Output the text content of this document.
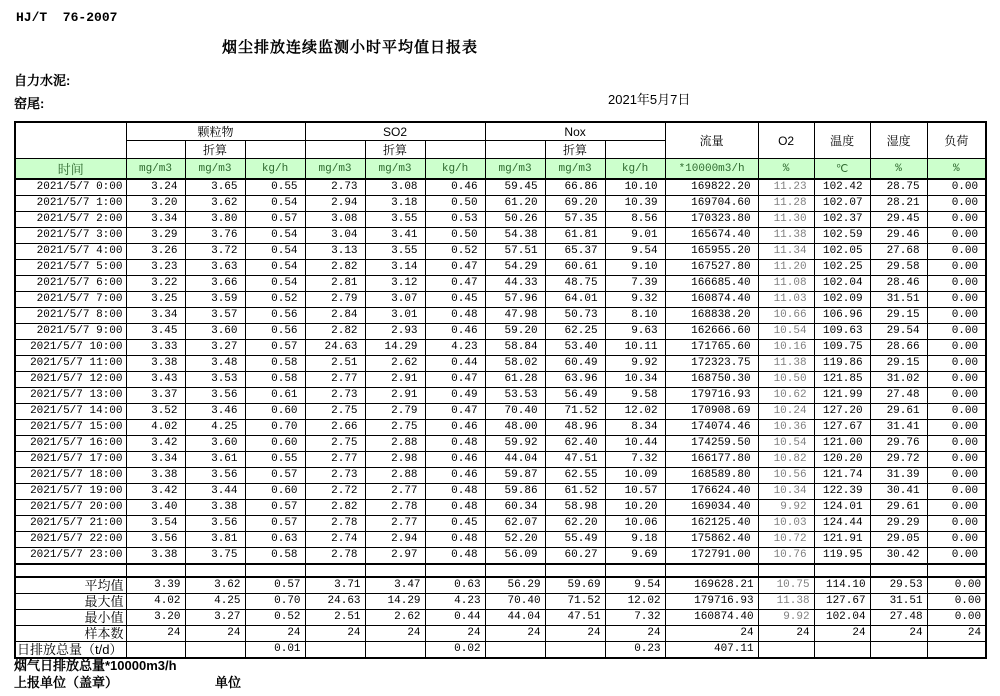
HJ/T  76-2007
烟尘排放连续监测小时平均值日报表
自力水泥:
窑尾:	2021年5月7日
	颗粒物			SO2			Nox			流量	O2	温度	湿度	负荷
		折算			折算			折算						
时间	mg/m3	mg/m3	kg/h	mg/m3	mg/m3	kg/h	mg/m3	mg/m3	kg/h	*10000m3/h	%	℃	%	%
2021/5/7 0:00	3.24	3.65	0.55	2.73	3.08	0.46	59.45	66.86	10.10	169822.20	11.23	102.42	28.75	0.00
2021/5/7 1:00	3.20	3.62	0.54	2.94	3.18	0.50	61.20	69.20	10.39	169704.60	11.28	102.07	28.21	0.00
2021/5/7 2:00	3.34	3.80	0.57	3.08	3.55	0.53	50.26	57.35	8.56	170323.80	11.30	102.37	29.45	0.00
2021/5/7 3:00	3.29	3.76	0.54	3.04	3.41	0.50	54.38	61.81	9.01	165674.40	11.38	102.59	29.46	0.00
2021/5/7 4:00	3.26	3.72	0.54	3.13	3.55	0.52	57.51	65.37	9.54	165955.20	11.34	102.05	27.68	0.00
2021/5/7 5:00	3.23	3.63	0.54	2.82	3.14	0.47	54.29	60.61	9.10	167527.80	11.20	102.25	29.58	0.00
2021/5/7 6:00	3.22	3.66	0.54	2.81	3.12	0.47	44.33	48.75	7.39	166685.40	11.08	102.04	28.46	0.00
2021/5/7 7:00	3.25	3.59	0.52	2.79	3.07	0.45	57.96	64.01	9.32	160874.40	11.03	102.09	31.51	0.00
2021/5/7 8:00	3.34	3.57	0.56	2.84	3.01	0.48	47.98	50.73	8.10	168838.20	10.66	106.96	29.15	0.00
2021/5/7 9:00	3.45	3.60	0.56	2.82	2.93	0.46	59.20	62.25	9.63	162666.60	10.54	109.63	29.54	0.00
2021/5/7 10:00	3.33	3.27	0.57	24.63	14.29	4.23	58.84	53.40	10.11	171765.60	10.16	109.75	28.66	0.00
2021/5/7 11:00	3.38	3.48	0.58	2.51	2.62	0.44	58.02	60.49	9.92	172323.75	11.38	119.86	29.15	0.00
2021/5/7 12:00	3.43	3.53	0.58	2.77	2.91	0.47	61.28	63.96	10.34	168750.30	10.50	121.85	31.02	0.00
2021/5/7 13:00	3.37	3.56	0.61	2.73	2.91	0.49	53.53	56.49	9.58	179716.93	10.62	121.99	27.48	0.00
2021/5/7 14:00	3.52	3.46	0.60	2.75	2.79	0.47	70.40	71.52	12.02	170908.69	10.24	127.20	29.61	0.00
2021/5/7 15:00	4.02	4.25	0.70	2.66	2.75	0.46	48.00	48.96	8.34	174074.46	10.36	127.67	31.41	0.00
2021/5/7 16:00	3.42	3.60	0.60	2.75	2.88	0.48	59.92	62.40	10.44	174259.50	10.54	121.00	29.76	0.00
2021/5/7 17:00	3.34	3.61	0.55	2.77	2.98	0.46	44.04	47.51	7.32	166177.80	10.82	120.20	29.72	0.00
2021/5/7 18:00	3.38	3.56	0.57	2.73	2.88	0.46	59.87	62.55	10.09	168589.80	10.56	121.74	31.39	0.00
2021/5/7 19:00	3.42	3.44	0.60	2.72	2.77	0.48	59.86	61.52	10.57	176624.40	10.34	122.39	30.41	0.00
2021/5/7 20:00	3.40	3.38	0.57	2.82	2.78	0.48	60.34	58.98	10.20	169034.40	9.92	124.01	29.61	0.00
2021/5/7 21:00	3.54	3.56	0.57	2.78	2.77	0.45	62.07	62.20	10.06	162125.40	10.03	124.44	29.29	0.00
2021/5/7 22:00	3.56	3.81	0.63	2.74	2.94	0.48	52.20	55.49	9.18	175862.40	10.72	121.91	29.05	0.00
2021/5/7 23:00	3.38	3.75	0.58	2.78	2.97	0.48	56.09	60.27	9.69	172791.00	10.76	119.95	30.42	0.00

平均值	3.39	3.62	0.57	3.71	3.47	0.63	56.29	59.69	9.54	169628.21	10.75	114.10	29.53	0.00
最大值	4.02	4.25	0.70	24.63	14.29	4.23	70.40	71.52	12.02	179716.93	11.38	127.67	31.51	0.00
最小值	3.20	3.27	0.52	2.51	2.62	0.44	44.04	47.51	7.32	160874.40	9.92	102.04	27.48	0.00
样本数	24	24	24	24	24	24	24	24	24	24	24	24	24	24
日排放总量（t/d）			0.01			0.02			0.23	407.11				
烟气日排放总量*10000m3/h
上报单位（盖章）	单位
